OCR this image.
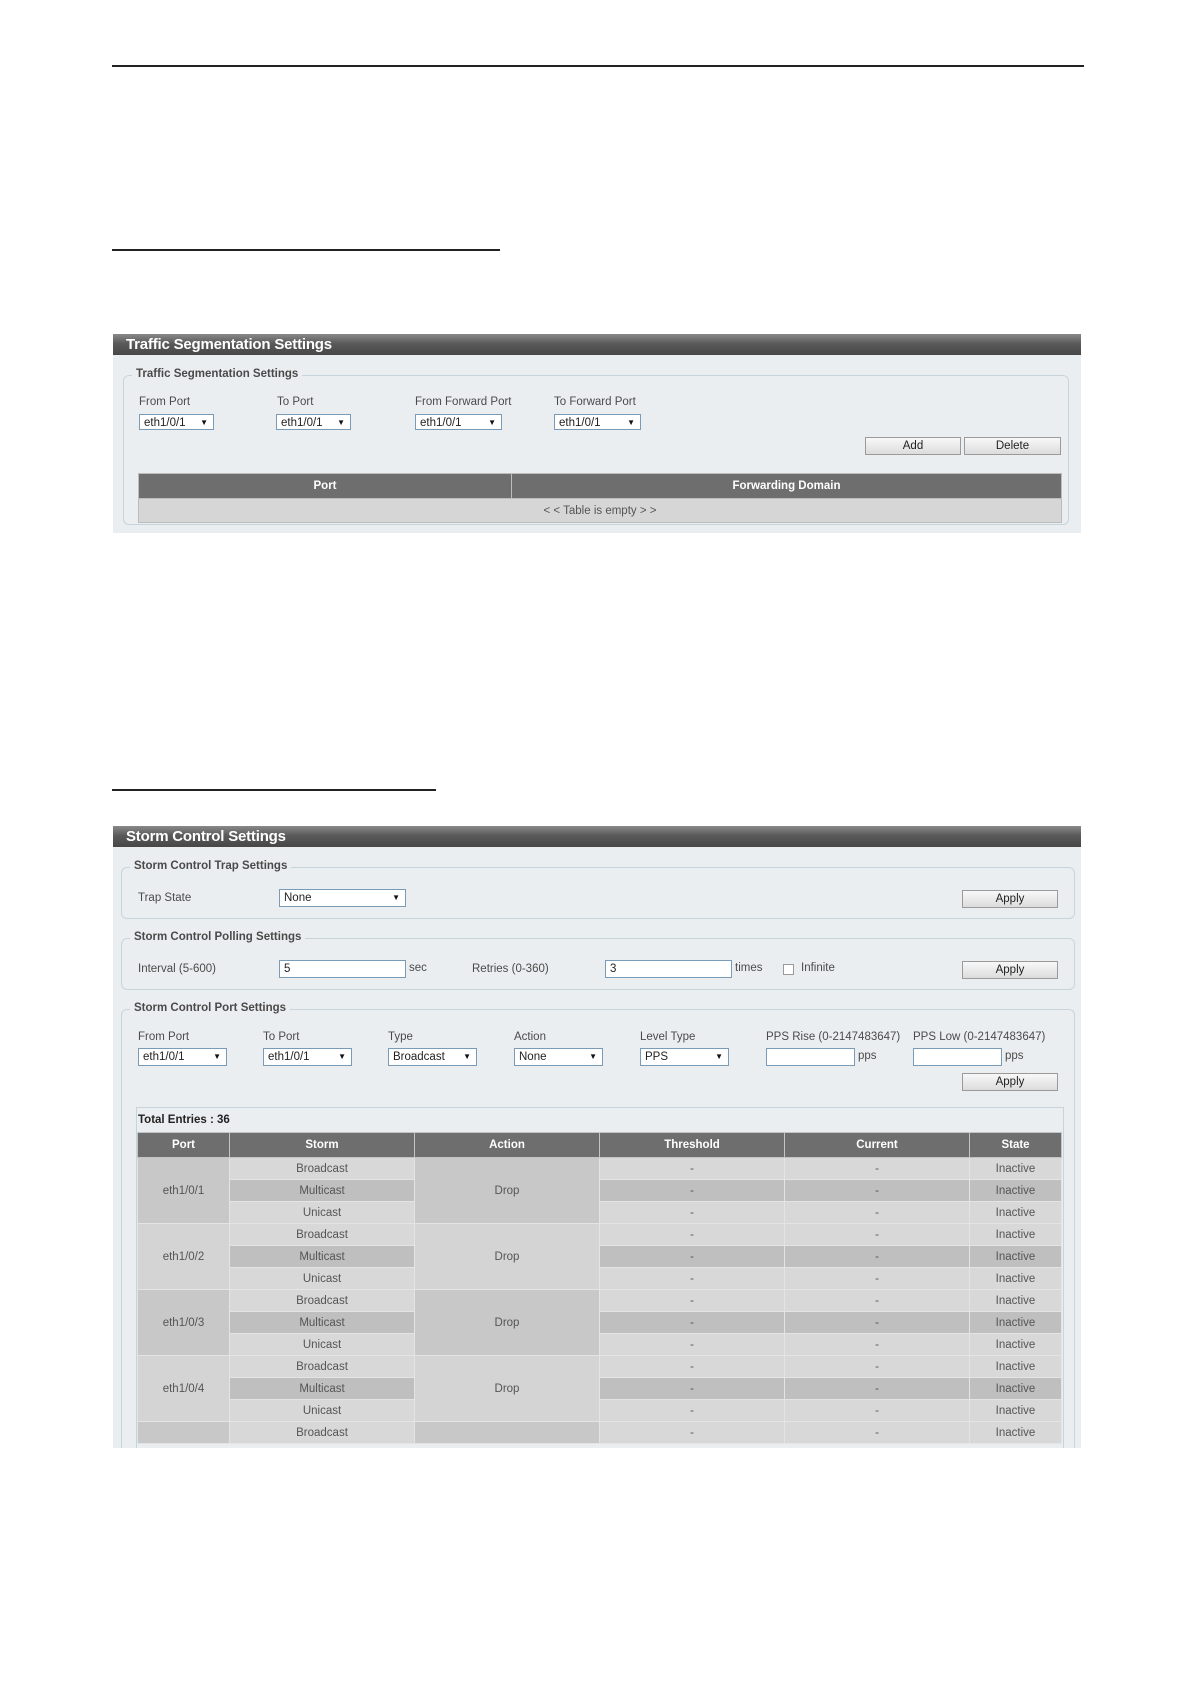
Traffic Segmentation Settings
Traffic Segmentation Settings
From Port
eth1/0/1 ▼
To Port
eth1/0/1 ▼
From Forward Port
eth1/0/1	▼
To Forward Port
eth1/0/1	▼
Add	Delete
Port	Forwarding Domain
< < Table is empty > >
Storm Control Settings
Storm Control Trap Settings
Trap State	None	▼	Apply
Storm Control Polling Settings
Interval (5-600)	5	sec	Retries (0-360)	3	times	Infinite	Apply
Storm Control Port Settings
From Port
eth1/0/1	▼
To Port
eth1/0/1	▼
Type
Broadcast ▼
Action
None	▼
Level Type
PPS	▼
PPS Rise (0-2147483647)
pps
PPS Low (0-2147483647)
pps
Apply
Total Entries : 36
Port	Storm	Action	Threshold	Current	State
eth1/0/1	Broadcast	Drop	-	-	Inactive
	Multicast		-	-	Inactive
	Unicast		-	-	Inactive
eth1/0/2	Broadcast	Drop	-	-	Inactive
	Multicast		-	-	Inactive
	Unicast		-	-	Inactive
eth1/0/3	Broadcast	Drop	-	-	Inactive
	Multicast		-	-	Inactive
	Unicast		-	-	Inactive
eth1/0/4	Broadcast	Drop	-	-	Inactive
	Multicast		-	-	Inactive
	Unicast		-	-	Inactive
	Broadcast		-	-	Inactive
